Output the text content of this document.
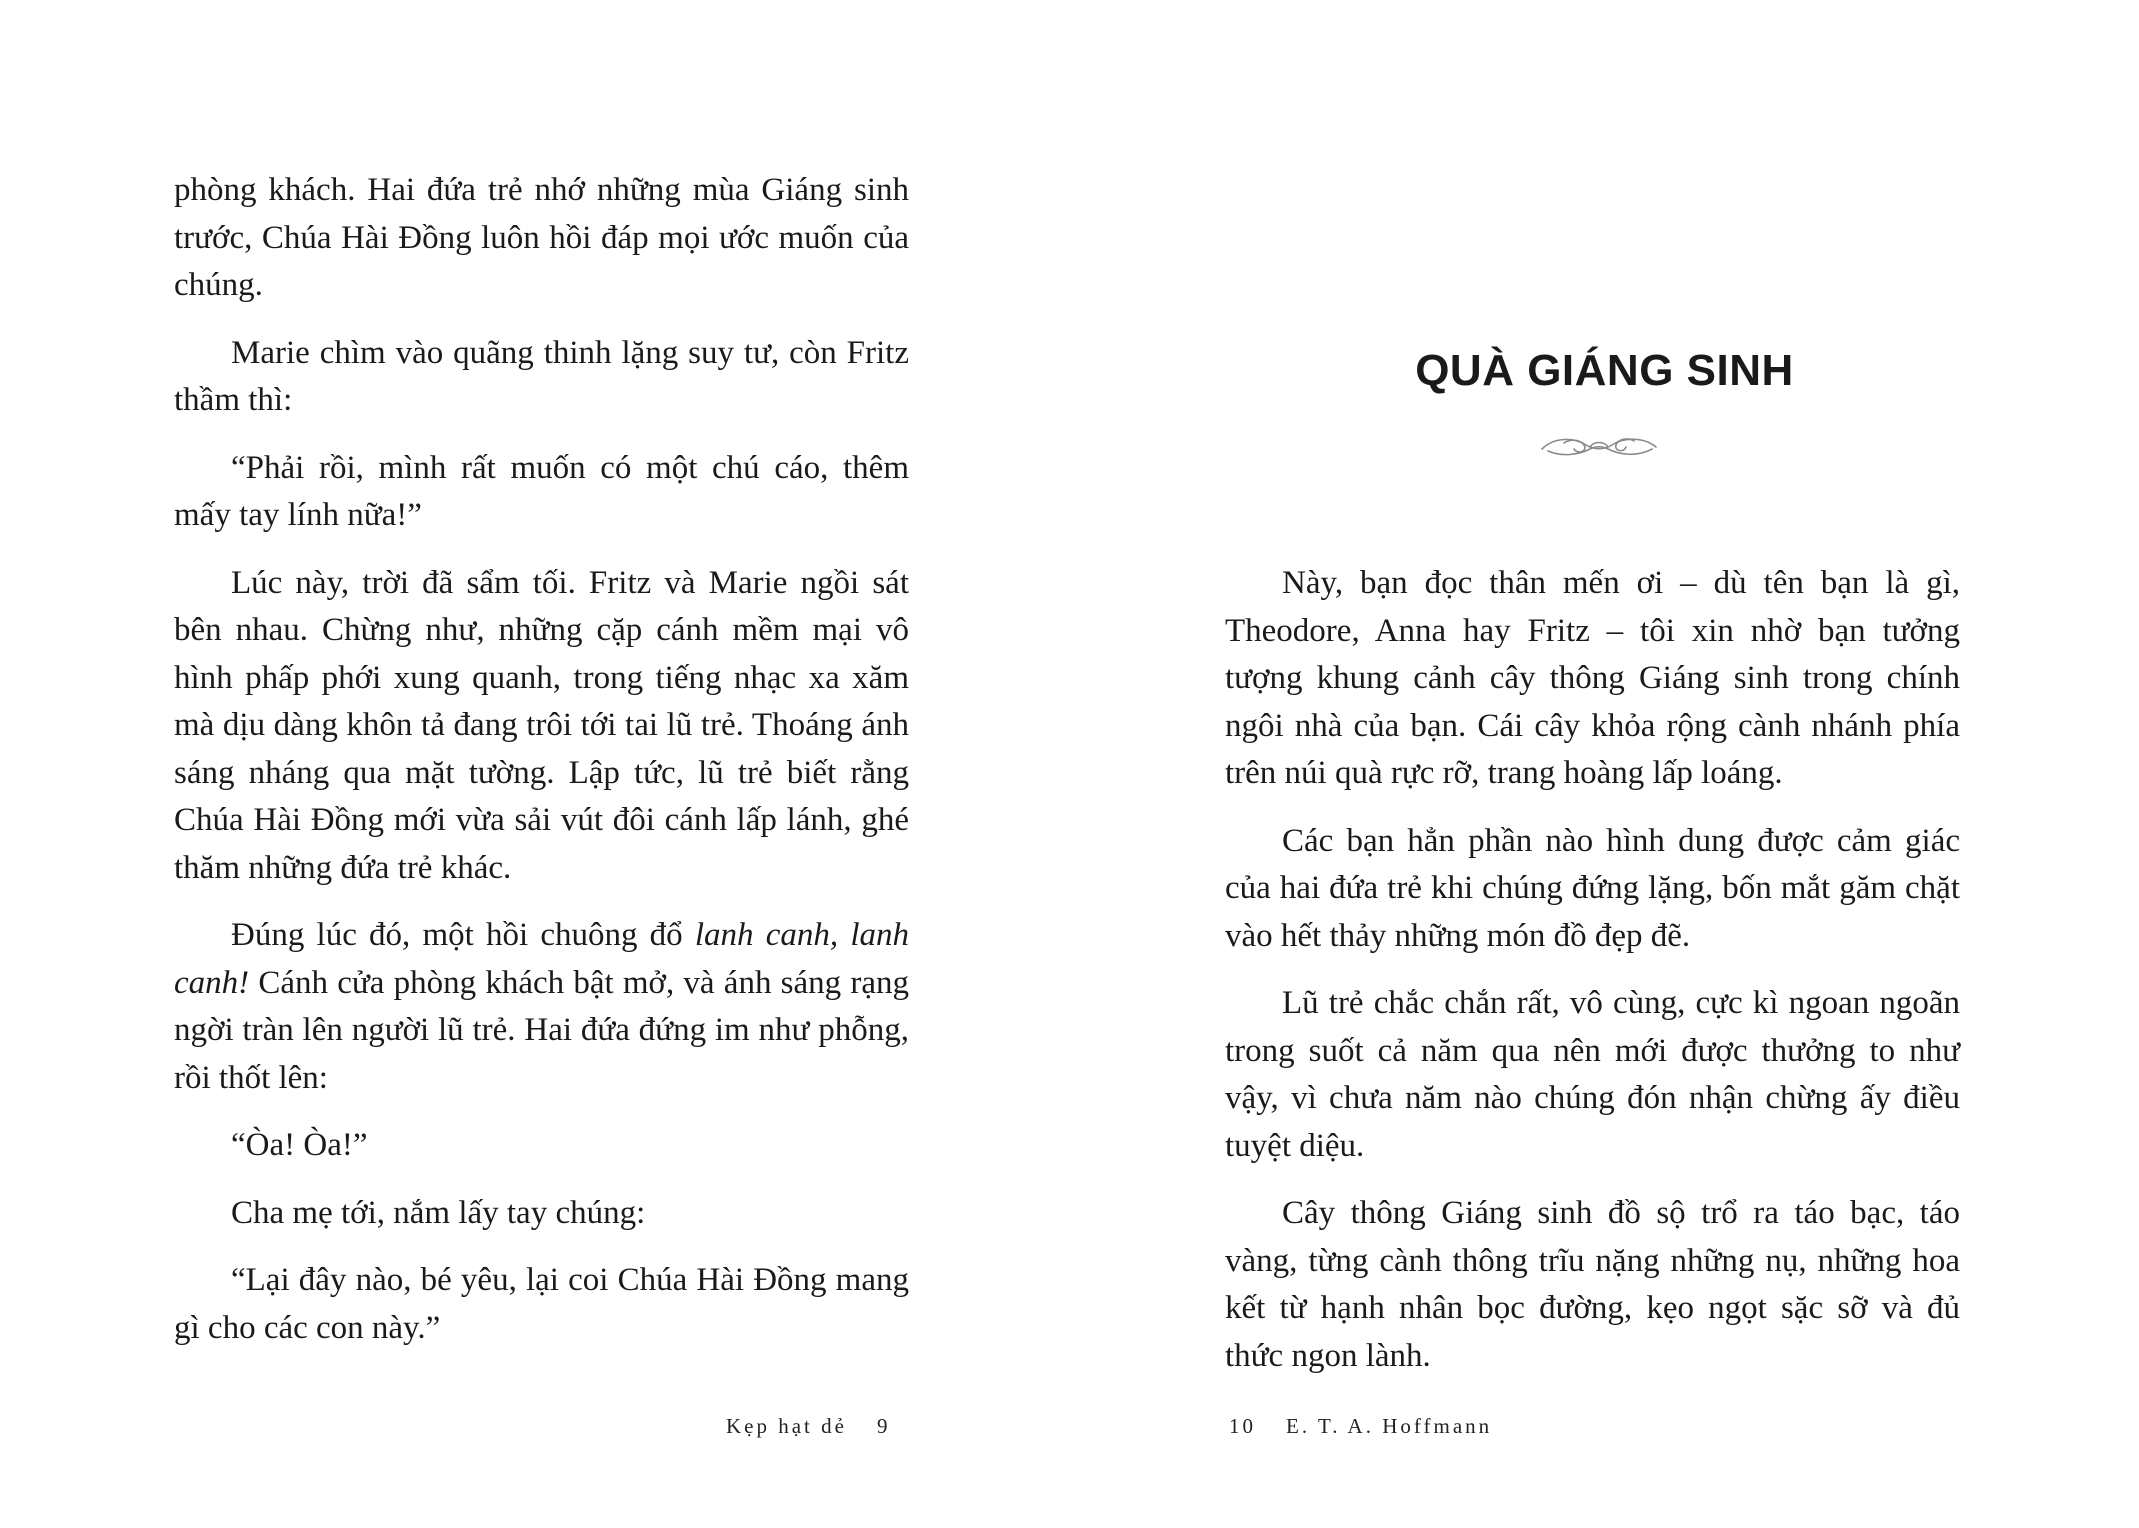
phòng khách. Hai đứa trẻ nhớ những mùa Giáng sinh trước, Chúa Hài Đồng luôn hồi đáp mọi ước muốn của chúng.

Marie chìm vào quãng thinh lặng suy tư, còn Fritz thầm thì:

“Phải rồi, mình rất muốn có một chú cáo, thêm mấy tay lính nữa!”

Lúc này, trời đã sẩm tối. Fritz và Marie ngồi sát bên nhau. Chừng như, những cặp cánh mềm mại vô hình phấp phới xung quanh, trong tiếng nhạc xa xăm mà dịu dàng khôn tả đang trôi tới tai lũ trẻ. Thoáng ánh sáng nháng qua mặt tường. Lập tức, lũ trẻ biết rằng Chúa Hài Đồng mới vừa sải vút đôi cánh lấp lánh, ghé thăm những đứa trẻ khác.

Đúng lúc đó, một hồi chuông đổ lanh canh, lanh canh! Cánh cửa phòng khách bật mở, và ánh sáng rạng ngời tràn lên người lũ trẻ. Hai đứa đứng im như phỗng, rồi thốt lên:

“Òa! Òa!”

Cha mẹ tới, nắm lấy tay chúng:

“Lại đây nào, bé yêu, lại coi Chúa Hài Đồng mang gì cho các con này.”

Kẹp hạt dẻ 9
QUÀ GIÁNG SINH

Này, bạn đọc thân mến ơi – dù tên bạn là gì, Theodore, Anna hay Fritz – tôi xin nhờ bạn tưởng tượng khung cảnh cây thông Giáng sinh trong chính ngôi nhà của bạn. Cái cây khỏa rộng cành nhánh phía trên núi quà rực rỡ, trang hoàng lấp loáng.

Các bạn hẳn phần nào hình dung được cảm giác của hai đứa trẻ khi chúng đứng lặng, bốn mắt găm chặt vào hết thảy những món đồ đẹp đẽ.

Lũ trẻ chắc chắn rất, vô cùng, cực kì ngoan ngoãn trong suốt cả năm qua nên mới được thưởng to như vậy, vì chưa năm nào chúng đón nhận chừng ấy điều tuyệt diệu.

Cây thông Giáng sinh đồ sộ trổ ra táo bạc, táo vàng, từng cành thông trĩu nặng những nụ, những hoa kết từ hạnh nhân bọc đường, kẹo ngọt sặc sỡ và đủ thức ngon lành.

10 E. T. A. Hoffmann
